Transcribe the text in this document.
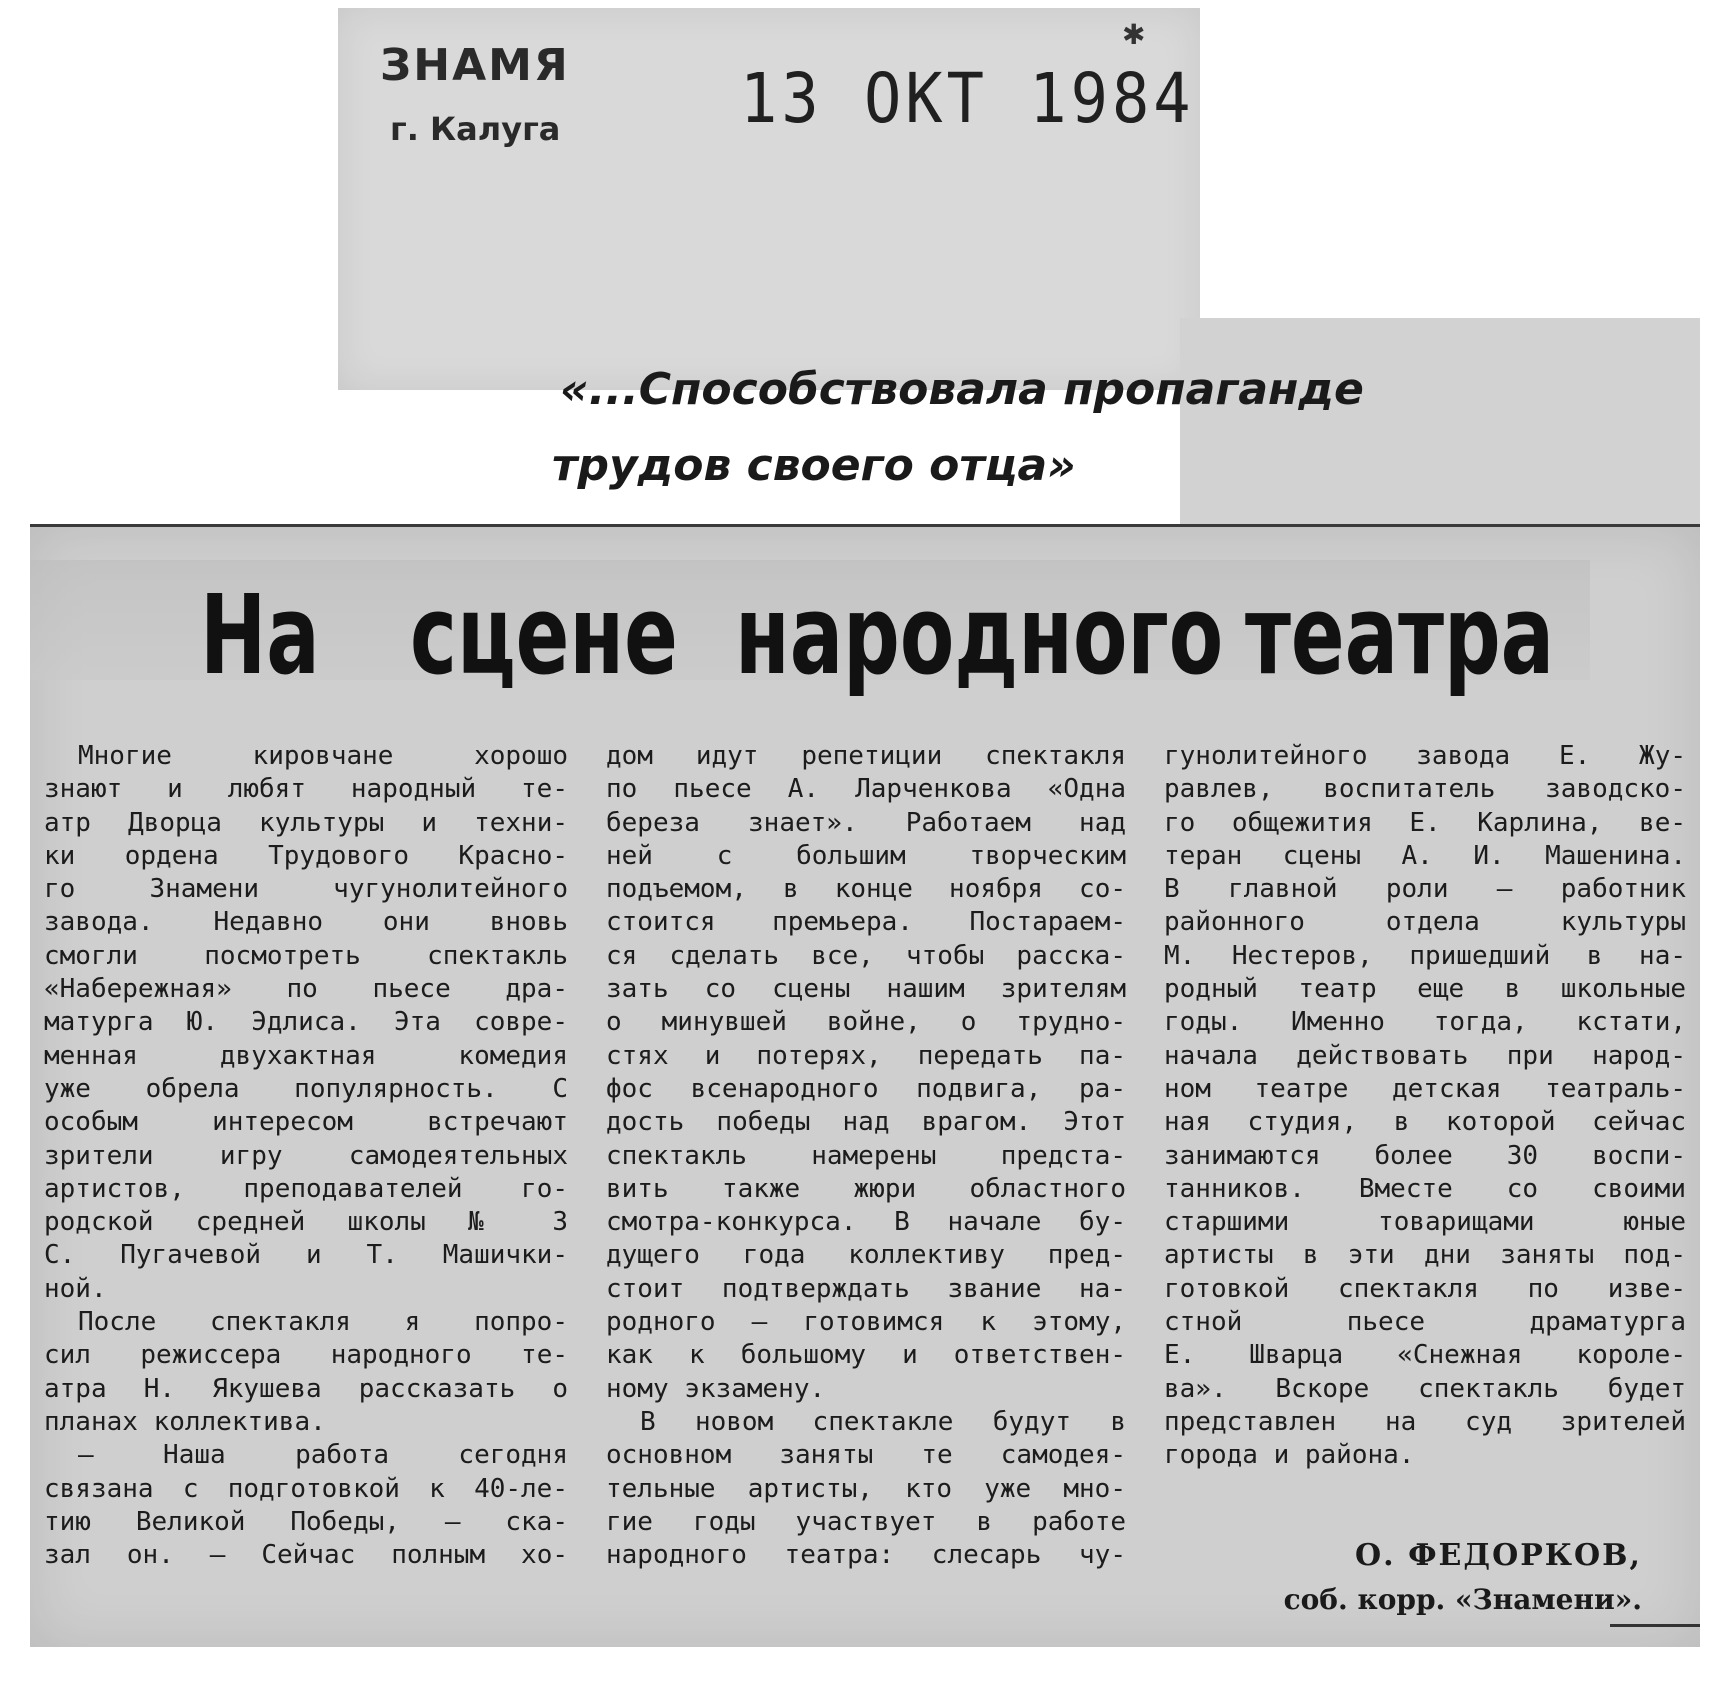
ЗНАМЯ
г. Калуга	13 ОКТ 1984
✱
«...Способствовала пропаганде
трудов своего отца»
На сцене народного театра
Многие кировчане хорошо
знают и любят народный те-
атр Дворца культуры и техни-
ки ордена Трудового Красно-
го Знамени чугунолитейного
завода. Недавно они вновь
смогли посмотреть спектакль
«Набережная» по пьесе дра-
матурга Ю. Эдлиса. Эта совре-
менная двухактная комедия
уже обрела популярность. С
особым интересом встречают
зрители игру самодеятельных
артистов, преподавателей го-
родской средней школы № 3
С. Пугачевой и Т. Машички-
ной.
После спектакля я попро-
сил режиссера народного те-
атра Н. Якушева рассказать о
планах коллектива.
— Наша работа сегодня
связана с подготовкой к 40-ле-
тию Великой Победы, — ска-
зал он. — Сейчас полным хо-
дом идут репетиции спектакля
по пьесе А. Ларченкова «Одна
береза знает». Работаем над
ней с большим творческим
подъемом, в конце ноября со-
стоится премьера. Постараем-
ся сделать все, чтобы расска-
зать со сцены нашим зрителям
о минувшей войне, о трудно-
стях и потерях, передать па-
фос всенародного подвига, ра-
дость победы над врагом. Этот
спектакль намерены предста-
вить также жюри областного
смотра-конкурса. В начале бу-
дущего года коллективу пред-
стоит подтверждать звание на-
родного — готовимся к этому,
как к большому и ответствен-
ному экзамену.
В новом спектакле будут в
основном заняты те самодея-
тельные артисты, кто уже мно-
гие годы участвует в работе
народного театра: слесарь чу-
гунолитейного завода Е. Жу-
равлев, воспитатель заводско-
го общежития Е. Карлина, ве-
теран сцены А. И. Машенина.
В главной роли — работник
районного отдела культуры
М. Нестеров, пришедший в на-
родный театр еще в школьные
годы. Именно тогда, кстати,
начала действовать при народ-
ном театре детская театраль-
ная студия, в которой сейчас
занимаются более 30 воспи-
танников. Вместе со своими
старшими товарищами юные
артисты в эти дни заняты под-
готовкой спектакля по изве-
стной пьесе драматурга
Е. Шварца «Снежная короле-
ва». Вскоре спектакль будет
представлен на суд зрителей
города и района.
О. ФЕДОРКОВ,
соб. корр. «Знамени».
